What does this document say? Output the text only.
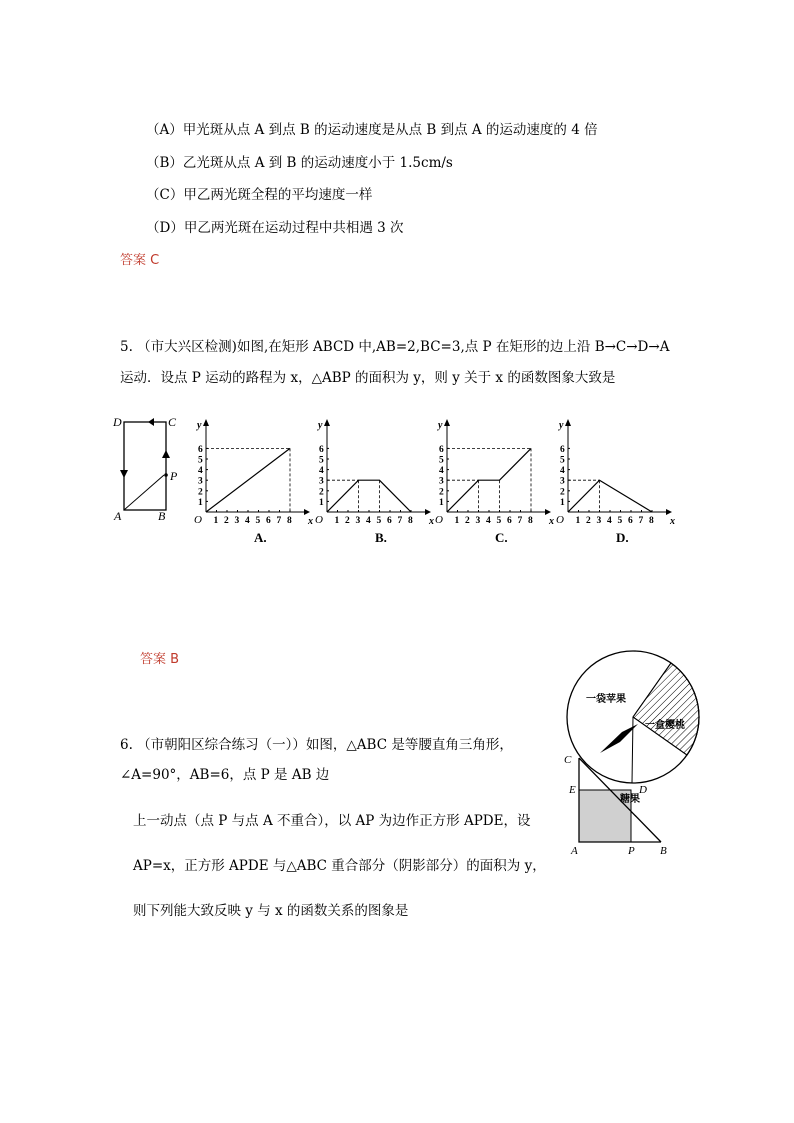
（A）甲光斑从点 A 到点 B 的运动速度是从点 B 到点 A 的运动速度的 4 倍
（B）乙光斑从点 A 到 B 的运动速度小于 1.5cm/s
（C）甲乙两光斑全程的平均速度一样
（D）甲乙两光斑在运动过程中共相遇 3 次
答案 C
5. （市大兴区检测)如图,在矩形 ABCD 中,AB=2,BC=3,点 P 在矩形的边上沿 B→C→D→A
运动．设点 P 运动的路程为 x，△ABP 的面积为 y，则 y 关于 x 的函数图象大致是
D	C
P
A	B
y
x
O 1 2 3 4 5 6 7 8
1
2
3
4
5
6
A.
y
x
O 1 2 3 4 5 6 7 8
1
2
3
4
5
6
B.
y
x
O 1 2 3 4 5 6 7 8
1
2
3
4
5
6
C.
y
x
O 1 2 3 4 5 6 7 8
1
2
3
4
5
6
D.
答案 B
6. （市朝阳区综合练习（一））如图，△ABC 是等腰直角三角形，
∠A=90°，AB=6，点 P 是 AB 边
上一动点（点 P 与点 A 不重合），以 AP 为边作正方形 APDE，设
AP=x，正方形 APDE 与△ABC 重合部分（阴影部分）的面积为 y，
则下列能大致反映 y 与 x 的函数关系的图象是
C
E	D
A	P B
一袋苹果
一盒樱桃
糖果
